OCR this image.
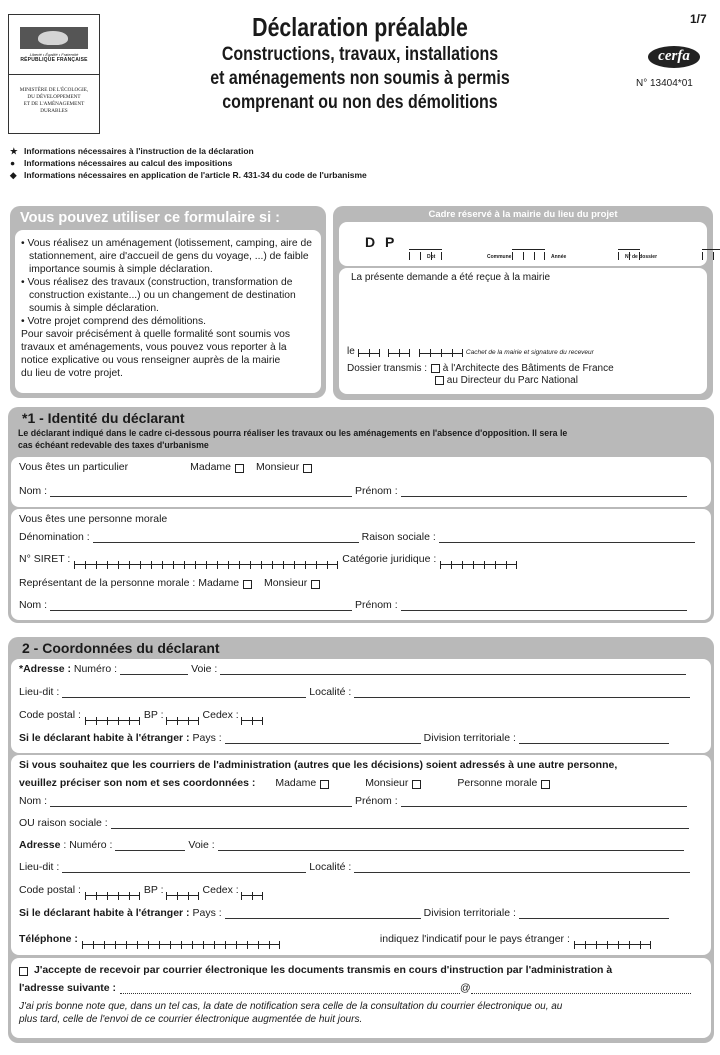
Liberté • Égalité • Fraternité
RÉPUBLIQUE FRANÇAISE
MINISTÈRE DE L'ÉCOLOGIE,
DU DÉVELOPPEMENT
ET DE L'AMÉNAGEMENT
DURABLES
Déclaration préalable
Constructions, travaux, installations
et aménagements non soumis à permis
comprenant ou non des démolitions
1/7
cerfa
N° 13404*01
★ Informations nécessaires à l'instruction de la déclaration
● Informations nécessaires au calcul des impositions
◆ Informations nécessaires en application de l'article R. 431-34 du code de l'urbanisme
Vous pouvez utiliser ce formulaire si :
• Vous réalisez un aménagement (lotissement, camping, aire de
stationnement, aire d'accueil de gens du voyage, ...) de faible
importance soumis à simple déclaration.
• Vous réalisez des travaux (construction, transformation de
construction existante...) ou un changement de destination
soumis à simple déclaration.
• Votre projet comprend des démolitions.
Pour savoir précisément à quelle formalité sont soumis vos
travaux et aménagements, vous pouvez vous reporter à la
notice explicative ou vous renseigner auprès de la mairie
du lieu de votre projet.
Cadre réservé à la mairie du lieu du projet
D P

Dpt	Commune	Année	N° de dossier
La présente demande a été reçue à la mairie
le	Cachet de la mairie et signature du receveur
Dossier transmis : à l'Architecte des Bâtiments de France
au Directeur du Parc National
*1 - Identité du déclarant
Le déclarant indiqué dans le cadre ci-dessous pourra réaliser les travaux ou les aménagements en l'absence d'opposition. Il sera le
cas échéant redevable des taxes d'urbanisme
Vous êtes un particulier	Madame Monsieur
Nom :	Prénom :
Vous êtes une personne morale
Dénomination :	Raison sociale :
N° SIRET :	Catégorie juridique :
Représentant de la personne morale : Madame Monsieur
Nom :	Prénom :
2 - Coordonnées du déclarant
* Adresse :
Numéro :	Voie :
Lieu-dit :	Localité :
Code postal :	BP :	Cedex :
Si le déclarant habite à l'étranger :
Pays :	Division territoriale :
Si vous souhaitez que les courriers de l'administration (autres que les décisions) soient adressés à une autre personne,
veuillez préciser son nom et ses coordonnées : Madame	Monsieur	Personne morale
Nom :	Prénom :
OU raison sociale :
Adresse
: Numéro :	Voie :
Lieu-dit :	Localité :
Code postal :	BP :	Cedex :
Si le déclarant habite à l'étranger :
Pays :	Division territoriale :
Téléphone :	indiquez l'indicatif pour le pays étranger :
J'accepte de recevoir par courrier électronique les documents transmis en cours d'instruction par l'administration à
l'adresse suivante :	@
J'ai pris bonne note que, dans un tel cas, la date de notification sera celle de la consultation du courrier électronique ou, au
plus tard, celle de l'envoi de ce courrier électronique augmentée de huit jours.
